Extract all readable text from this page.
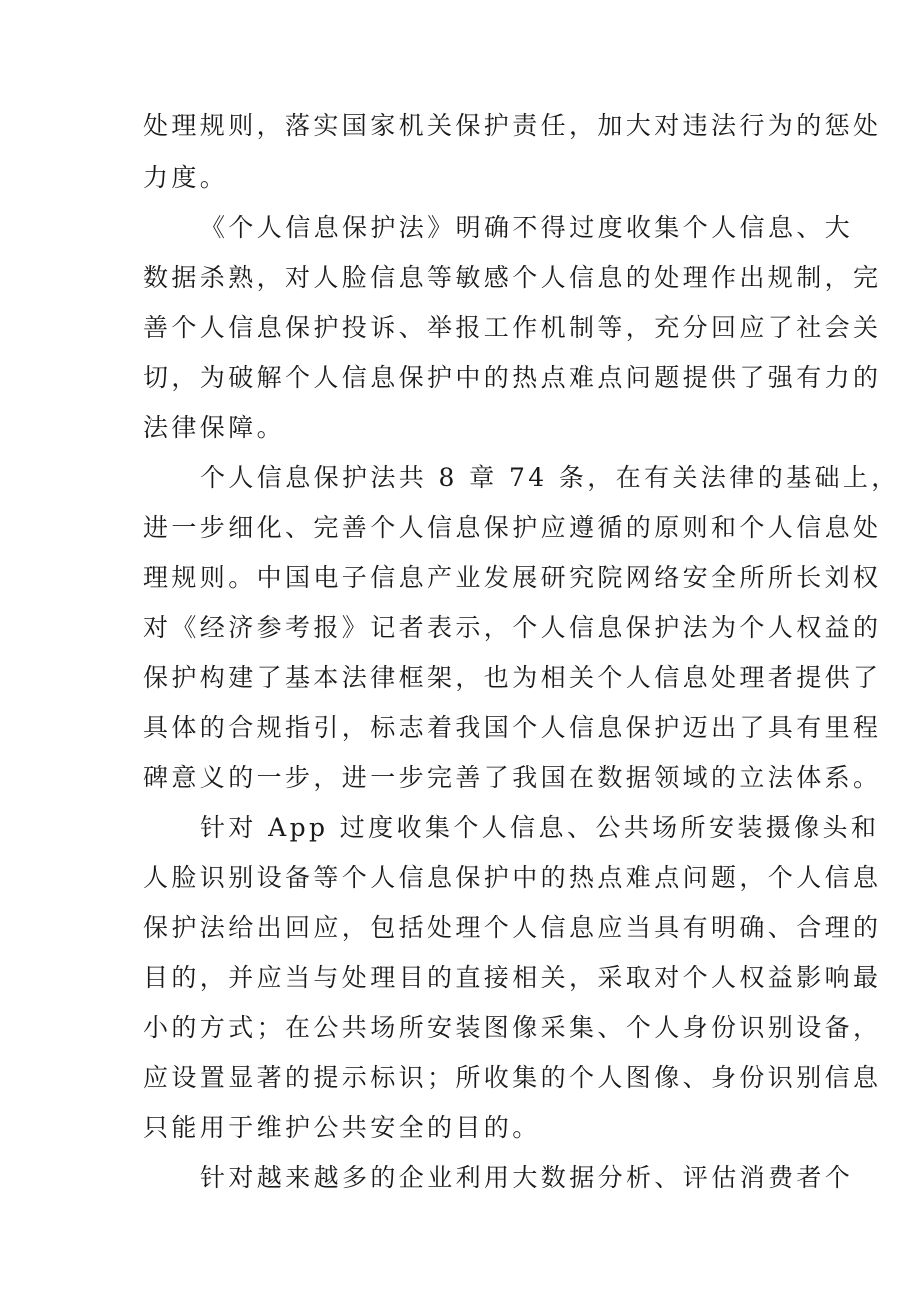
处理规则，落实国家机关保护责任，加大对违法行为的惩处
力度。
《个人信息保护法》明确不得过度收集个人信息、大
数据杀熟，对人脸信息等敏感个人信息的处理作出规制，完
善个人信息保护投诉、举报工作机制等，充分回应了社会关
切，为破解个人信息保护中的热点难点问题提供了强有力的
法律保障。
个人信息保护法共 8 章 74 条，在有关法律的基础上，
进一步细化、完善个人信息保护应遵循的原则和个人信息处
理规则。中国电子信息产业发展研究院网络安全所所长刘权
对《经济参考报》记者表示，个人信息保护法为个人权益的
保护构建了基本法律框架，也为相关个人信息处理者提供了
具体的合规指引，标志着我国个人信息保护迈出了具有里程
碑意义的一步，进一步完善了我国在数据领域的立法体系。
针对 App 过度收集个人信息、公共场所安装摄像头和
人脸识别设备等个人信息保护中的热点难点问题，个人信息
保护法给出回应，包括处理个人信息应当具有明确、合理的
目的，并应当与处理目的直接相关，采取对个人权益影响最
小的方式；在公共场所安装图像采集、个人身份识别设备，
应设置显著的提示标识；所收集的个人图像、身份识别信息
只能用于维护公共安全的目的。
针对越来越多的企业利用大数据分析、评估消费者个
